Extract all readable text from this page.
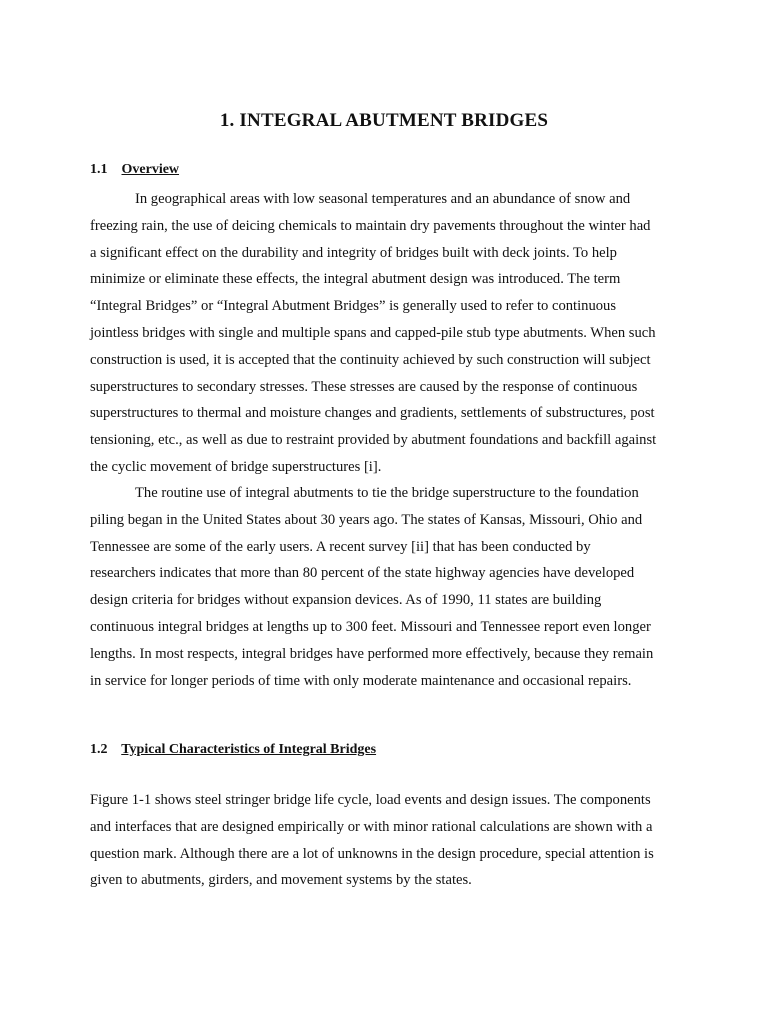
1. INTEGRAL ABUTMENT BRIDGES
1.1 Overview

In geographical areas with low seasonal temperatures and an abundance of snow and
freezing rain, the use of deicing chemicals to maintain dry pavements throughout the winter had
a significant effect on the durability and integrity of bridges built with deck joints. To help
minimize or eliminate these effects, the integral abutment design was introduced. The term
“Integral Bridges” or “Integral Abutment Bridges” is generally used to refer to continuous
jointless bridges with single and multiple spans and capped-pile stub type abutments. When such
construction is used, it is accepted that the continuity achieved by such construction will subject
superstructures to secondary stresses. These stresses are caused by the response of continuous
superstructures to thermal and moisture changes and gradients, settlements of substructures, post
tensioning, etc., as well as due to restraint provided by abutment foundations and backfill against
the cyclic movement of bridge superstructures [i].

The routine use of integral abutments to tie the bridge superstructure to the foundation
piling began in the United States about 30 years ago. The states of Kansas, Missouri, Ohio and
Tennessee are some of the early users. A recent survey [ii] that has been conducted by
researchers indicates that more than 80 percent of the state highway agencies have developed
design criteria for bridges without expansion devices. As of 1990, 11 states are building
continuous integral bridges at lengths up to 300 feet. Missouri and Tennessee report even longer
lengths. In most respects, integral bridges have performed more effectively, because they remain
in service for longer periods of time with only moderate maintenance and occasional repairs.

1.2 Typical Characteristics of Integral Bridges

Figure 1-1 shows steel stringer bridge life cycle, load events and design issues. The components
and interfaces that are designed empirically or with minor rational calculations are shown with a
question mark. Although there are a lot of unknowns in the design procedure, special attention is
given to abutments, girders, and movement systems by the states.
